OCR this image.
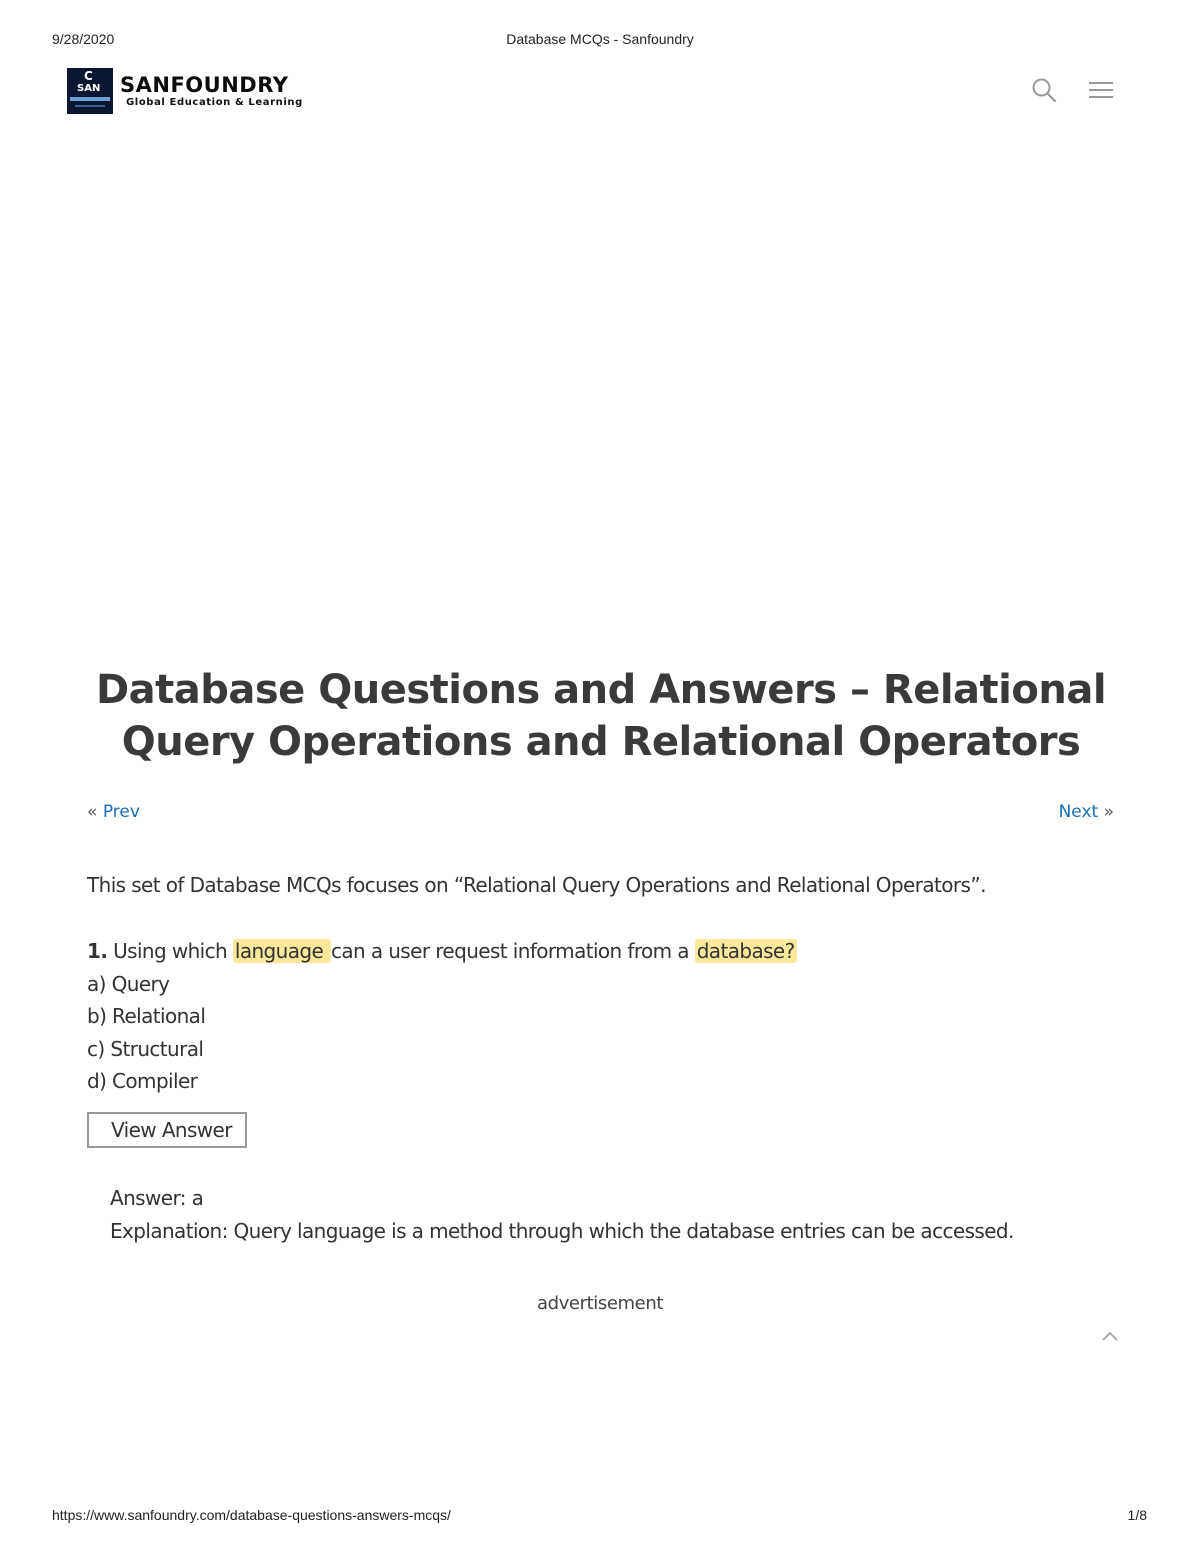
9/28/2020	Database MCQs - Sanfoundry
C
SAN SANFOUNDRY
Global Education & Learning
Database Questions and Answers – Relational Query Operations and Relational Operators
« Prev	Next »
This set of Database MCQs focuses on “Relational Query Operations and Relational Operators”.
1. Using which language can a user request information from a database?
a) Query
b) Relational
c) Structural
d) Compiler
View Answer
Answer: a
Explanation: Query language is a method through which the database entries can be accessed.
advertisement
https://www.sanfoundry.com/database-questions-answers-mcqs/	1/8
